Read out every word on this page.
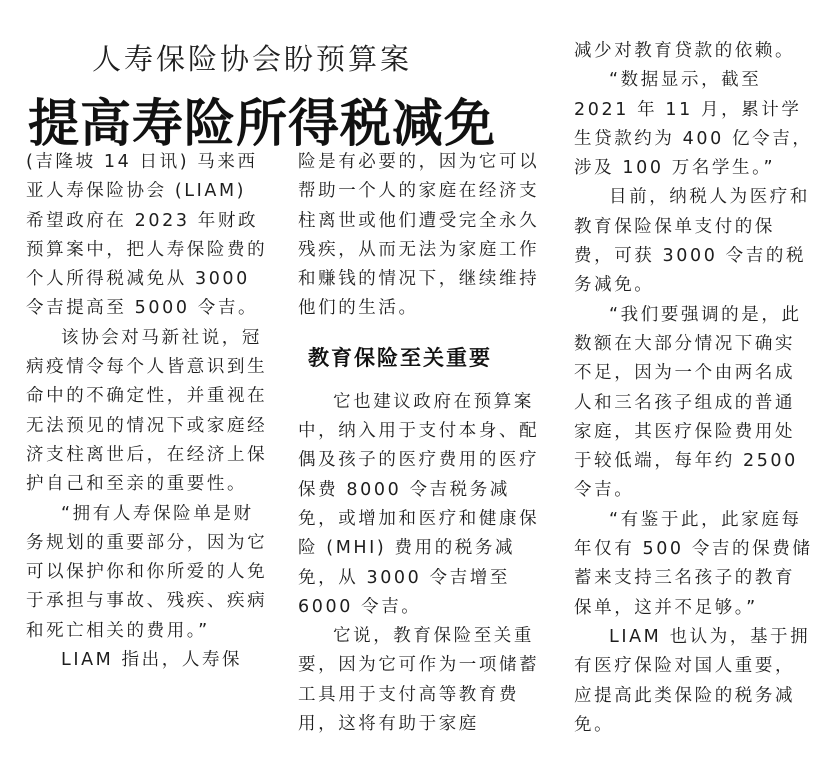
人寿保险协会盼预算案
提高寿险所得税减免

(吉隆坡 14 日讯) 马来西亚人寿保险协会 (LIAM) 希望政府在 2023 年财政预算案中，把人寿保险费的个人所得税减免从 3000 令吉提高至 5000 令吉。

该协会对马新社说，冠病疫情令每个人皆意识到生命中的不确定性，并重视在无法预见的情况下或家庭经济支柱离世后，在经济上保护自己和至亲的重要性。

“拥有人寿保险单是财务规划的重要部分，因为它可以保护你和你所爱的人免于承担与事故、残疾、疾病和死亡相关的费用。”

LIAM 指出，人寿保

险是有必要的，因为它可以帮助一个人的家庭在经济支柱离世或他们遭受完全永久残疾，从而无法为家庭工作和赚钱的情况下，继续维持他们的生活。

教育保险至关重要

它也建议政府在预算案中，纳入用于支付本身、配偶及孩子的医疗费用的医疗保费 8000 令吉税务减免，或增加和医疗和健康保险 (MHI) 费用的税务减免，从 3000 令吉增至 6000 令吉。

它说，教育保险至关重要，因为它可作为一项储蓄工具用于支付高等教育费用，这将有助于家庭

减少对教育贷款的依赖。

“数据显示，截至 2021 年 11 月，累计学生贷款约为 400 亿令吉，涉及 100 万名学生。”

目前，纳税人为医疗和教育保险保单支付的保费，可获 3000 令吉的税务减免。

“我们要强调的是，此数额在大部分情况下确实不足，因为一个由两名成人和三名孩子组成的普通家庭，其医疗保险费用处于较低端，每年约 2500 令吉。

“有鉴于此，此家庭每年仅有 500 令吉的保费储蓄来支持三名孩子的教育保单，这并不足够。”

LIAM 也认为，基于拥有医疗保险对国人重要，应提高此类保险的税务减免。
